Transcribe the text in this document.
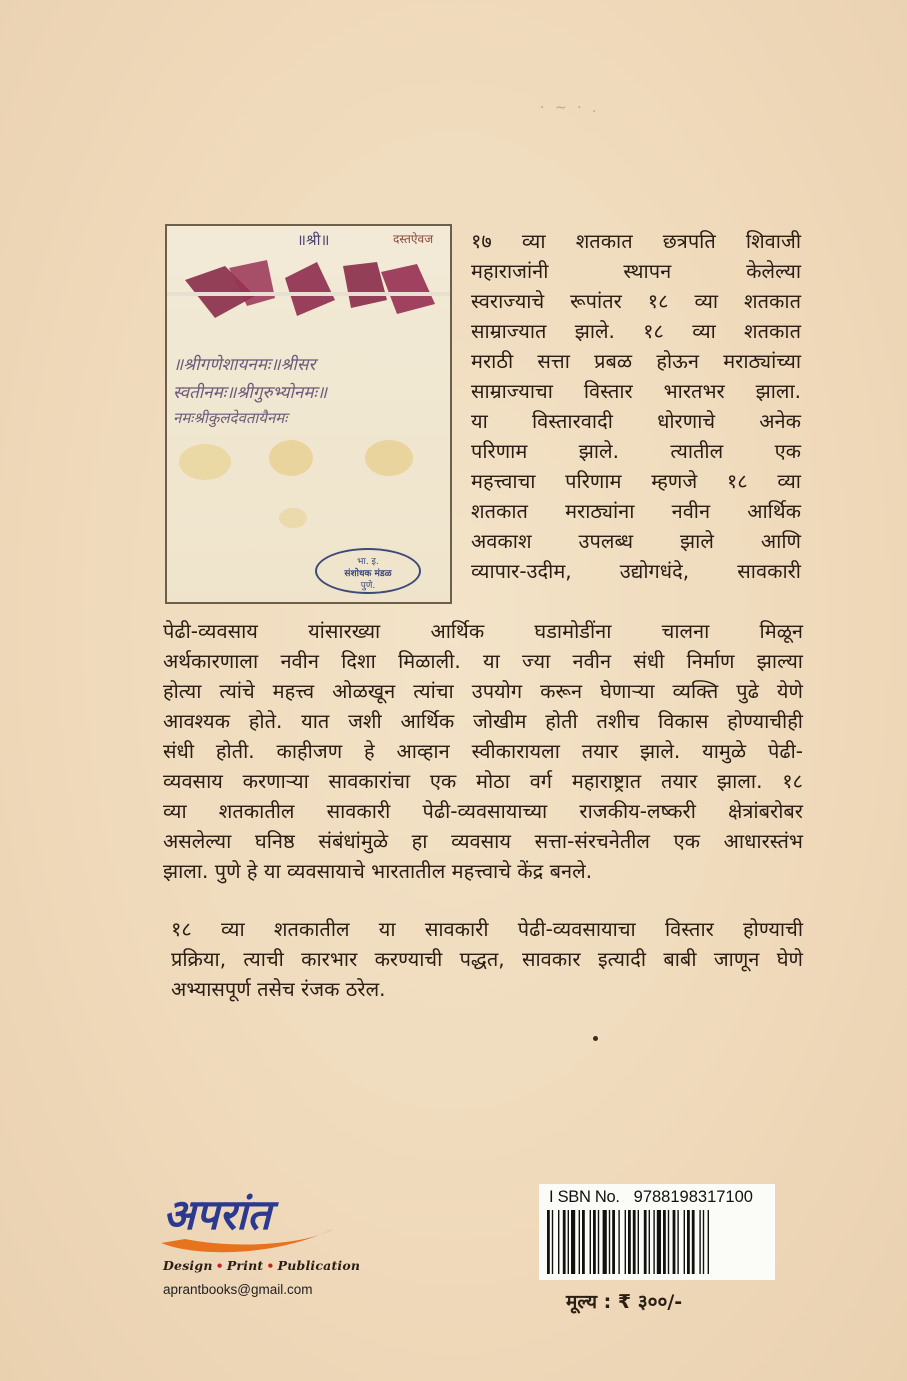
· ~ · .
॥श्री॥	दस्तऐवज
॥श्रीगणेशायनमः॥श्रीसर
स्वतीनमः॥श्रीगुरुभ्योनमः॥
नमःश्रीकुलदेवतायैनमः
भा. इ.
संशोधक मंडळ
पुणे.
१७ व्या शतकात छत्रपति शिवाजी
महाराजांनी स्थापन केलेल्या
स्वराज्याचे रूपांतर १८ व्या शतकात
साम्राज्यात झाले. १८ व्या शतकात
मराठी सत्ता प्रबळ होऊन मराठ्यांच्या
साम्राज्याचा विस्तार भारतभर झाला.
या विस्तारवादी धोरणाचे अनेक
परिणाम झाले. त्यातील एक
महत्त्वाचा परिणाम म्हणजे १८ व्या
शतकात मराठ्यांना नवीन आर्थिक
अवकाश उपलब्ध झाले आणि
व्यापार-उदीम, उद्योगधंदे, सावकारी
पेढी-व्यवसाय यांसारख्या आर्थिक घडामोडींना चालना मिळून
अर्थकारणाला नवीन दिशा मिळाली. या ज्या नवीन संधी निर्माण झाल्या
होत्या त्यांचे महत्त्व ओळखून त्यांचा उपयोग करून घेणाऱ्या व्यक्ति पुढे येणे
आवश्यक होते. यात जशी आर्थिक जोखीम होती तशीच विकास होण्याचीही
संधी होती. काहीजण हे आव्हान स्वीकारायला तयार झाले. यामुळे पेढी-
व्यवसाय करणाऱ्या सावकारांचा एक मोठा वर्ग महाराष्ट्रात तयार झाला. १८
व्या शतकातील सावकारी पेढी-व्यवसायाच्या राजकीय-लष्करी क्षेत्रांबरोबर
असलेल्या घनिष्ठ संबंधांमुळे हा व्यवसाय सत्ता-संरचनेतील एक आधारस्तंभ
झाला. पुणे हे या व्यवसायाचे भारतातील महत्त्वाचे केंद्र बनले.
१८ व्या शतकातील या सावकारी पेढी-व्यवसायाचा विस्तार होण्याची
प्रक्रिया, त्याची कारभार करण्याची पद्धत, सावकार इत्यादी बाबी जाणून घेणे
अभ्यासपूर्ण तसेच रंजक ठरेल.
अपरांत
Design • Print • Publication
aprantbooks@gmail.com
I SBN No. 9788198317100
मूल्य : ₹ ३००/-
